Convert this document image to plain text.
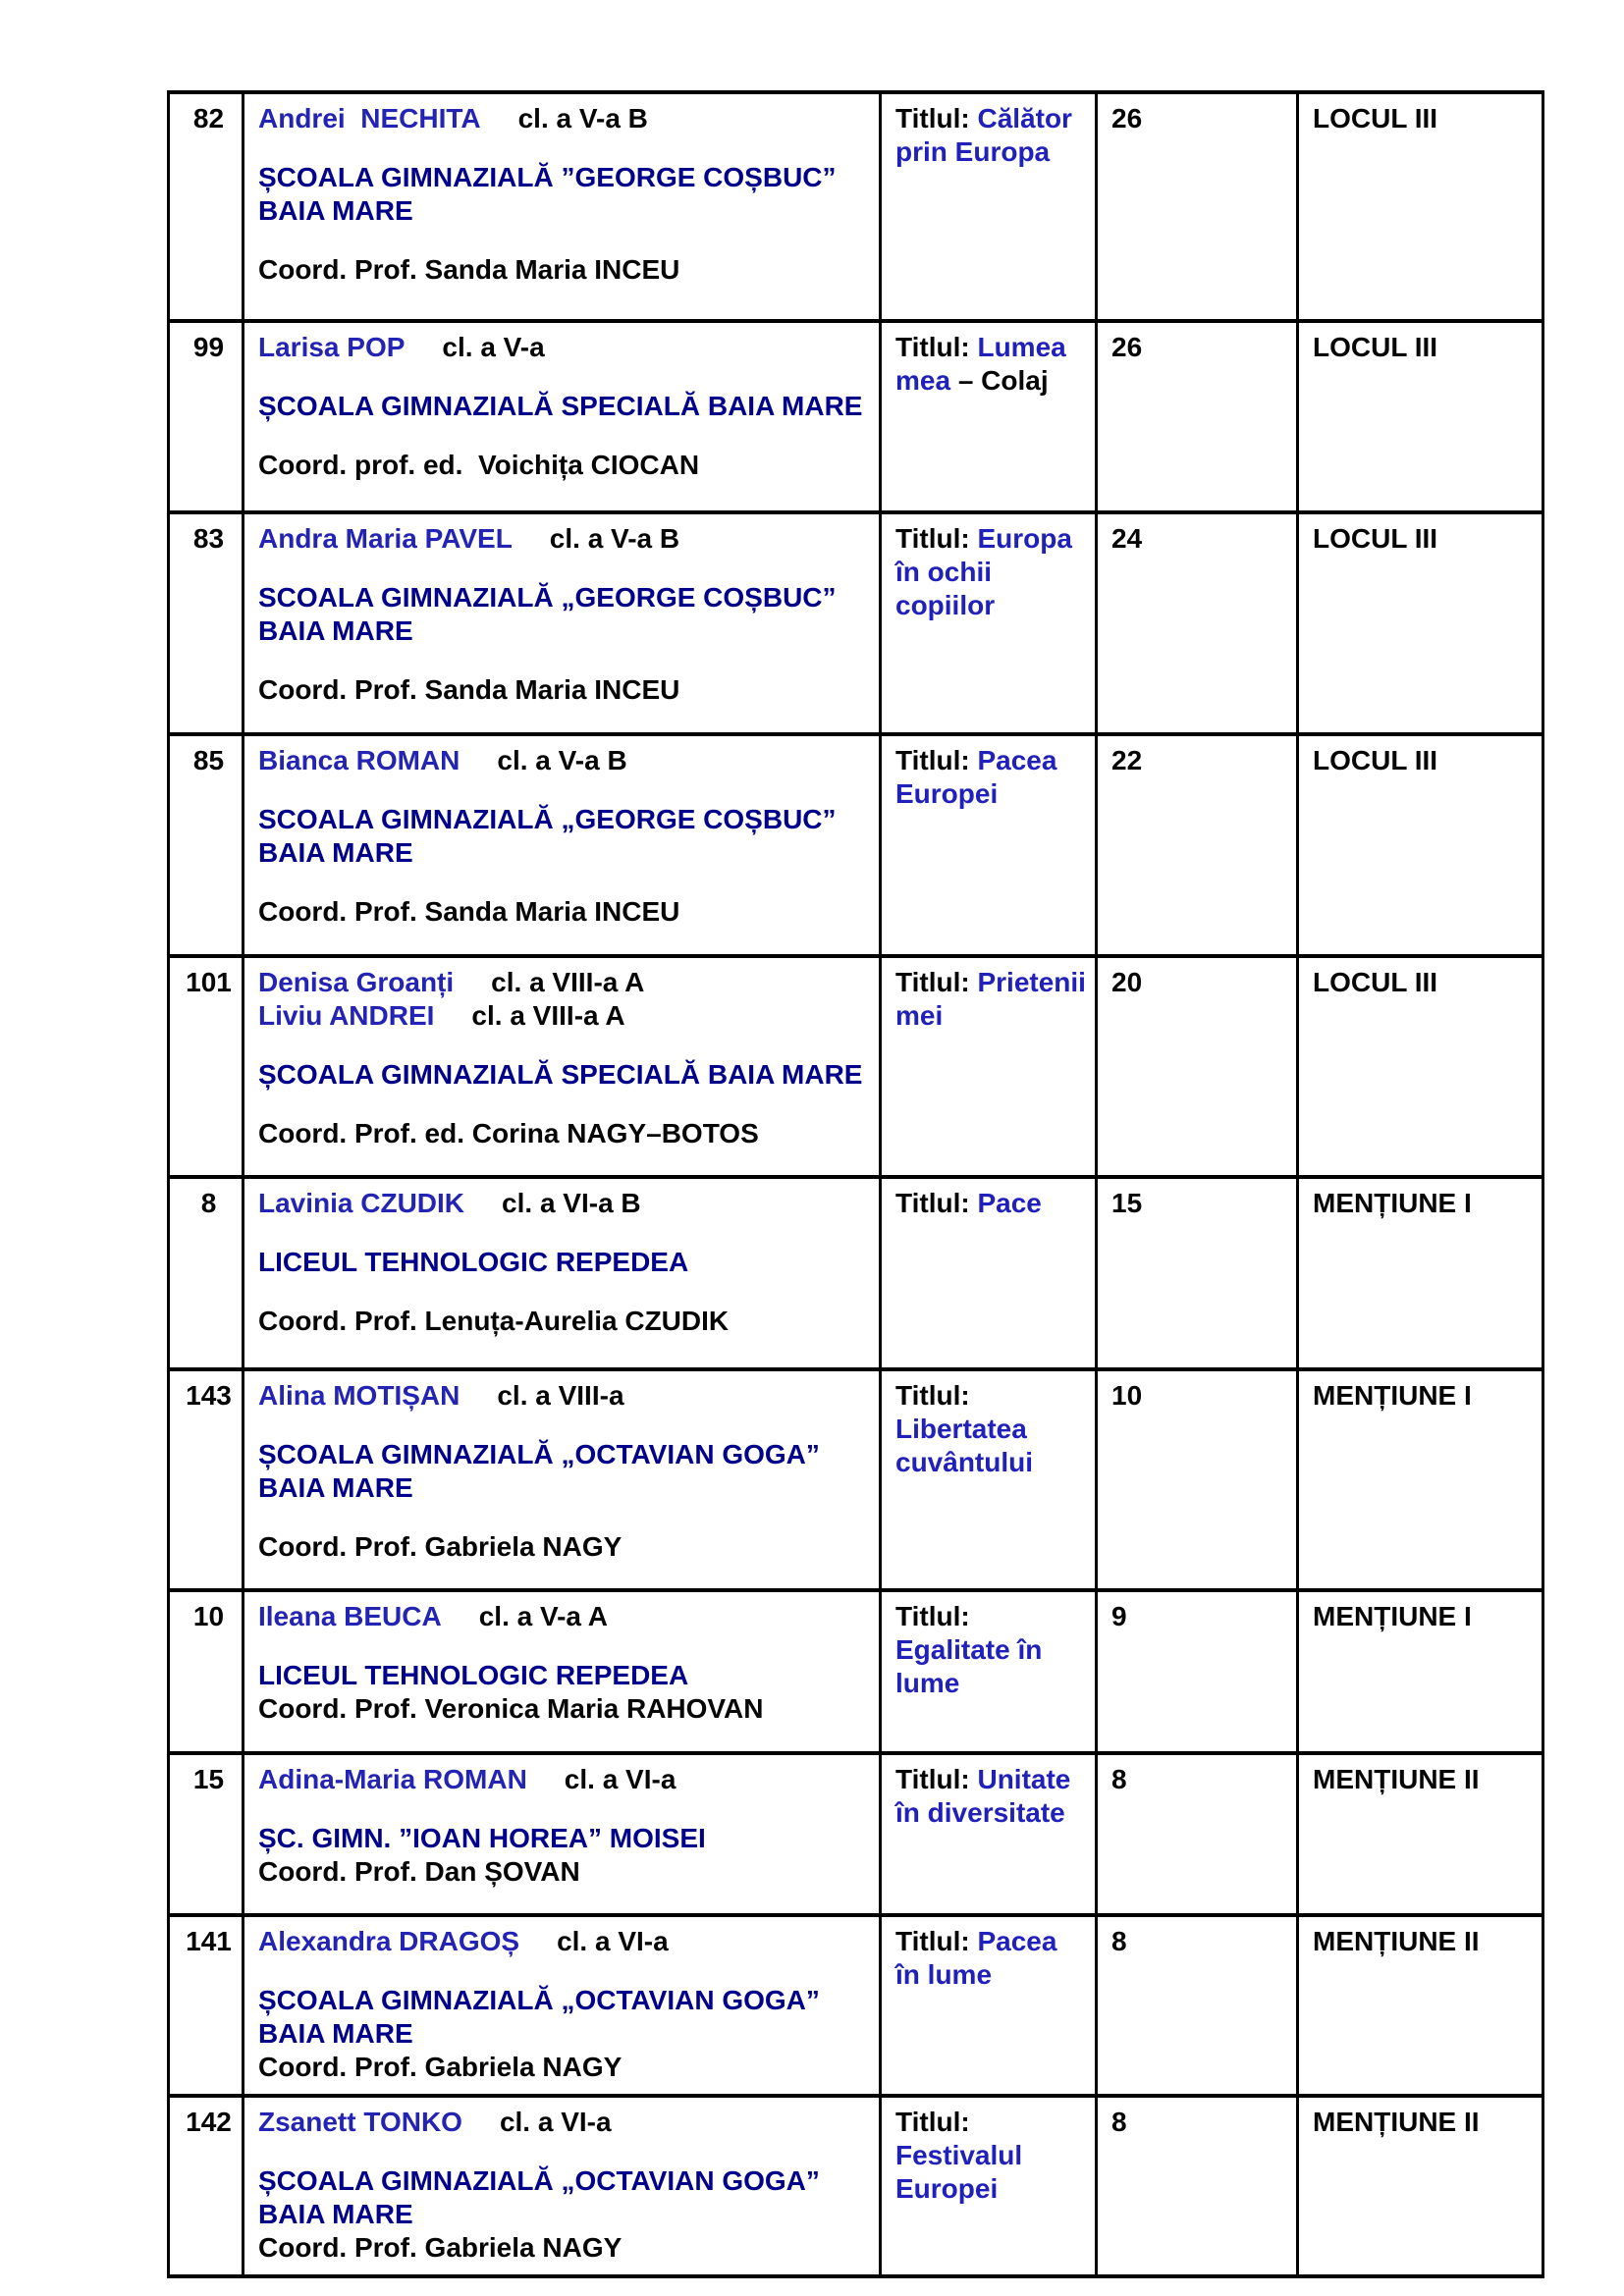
82	Andrei  NECHITA cl. a V-a B
ȘCOALA GIMNAZIALĂ ”GEORGE COȘBUC” BAIA MARE
Coord. Prof. Sanda Maria INCEU	Titlul: Călător prin Europa	26	LOCUL III
99	Larisa POP cl. a V-a
ȘCOALA GIMNAZIALĂ SPECIALĂ BAIA MARE
Coord. prof. ed.  Voichița CIOCAN	Titlul: Lumea mea – Colaj	26	LOCUL III
83	Andra Maria PAVEL cl. a V-a B
SCOALA GIMNAZIALĂ „GEORGE COȘBUC” BAIA MARE
Coord. Prof. Sanda Maria INCEU	Titlul: Europa în ochii copiilor	24	LOCUL III
85	Bianca ROMAN cl. a V-a B
SCOALA GIMNAZIALĂ „GEORGE COȘBUC” BAIA MARE
Coord. Prof. Sanda Maria INCEU	Titlul: Pacea Europei	22	LOCUL III
101	Denisa Groanți cl. a VIII-a A
Liviu ANDREI cl. a VIII-a A
ȘCOALA GIMNAZIALĂ SPECIALĂ BAIA MARE
Coord. Prof. ed. Corina NAGY–BOTOS	Titlul: Prietenii mei	20	LOCUL III
8	Lavinia CZUDIK cl. a VI-a B
LICEUL TEHNOLOGIC REPEDEA
Coord. Prof. Lenuța-Aurelia CZUDIK	Titlul: Pace	15	MENȚIUNE I
143	Alina MOTIȘAN cl. a VIII-a
ȘCOALA GIMNAZIALĂ „OCTAVIAN GOGA” BAIA MARE
Coord. Prof. Gabriela NAGY	Titlul: Libertatea cuvântului	10	MENȚIUNE I
10	Ileana BEUCA cl. a V-a A
LICEUL TEHNOLOGIC REPEDEA
Coord. Prof. Veronica Maria RAHOVAN	Titlul: Egalitate în lume	9	MENȚIUNE I
15	Adina-Maria ROMAN cl. a VI-a
ȘC. GIMN. ”IOAN HOREA” MOISEI
Coord. Prof. Dan ȘOVAN	Titlul: Unitate în diversitate	8	MENȚIUNE II
141	Alexandra DRAGOȘ cl. a VI-a
ȘCOALA GIMNAZIALĂ „OCTAVIAN GOGA” BAIA MARE
Coord. Prof. Gabriela NAGY	Titlul: Pacea în lume	8	MENȚIUNE II
142	Zsanett TONKO cl. a VI-a
ȘCOALA GIMNAZIALĂ „OCTAVIAN GOGA” BAIA MARE
Coord. Prof. Gabriela NAGY	Titlul: Festivalul Europei	8	MENȚIUNE II
